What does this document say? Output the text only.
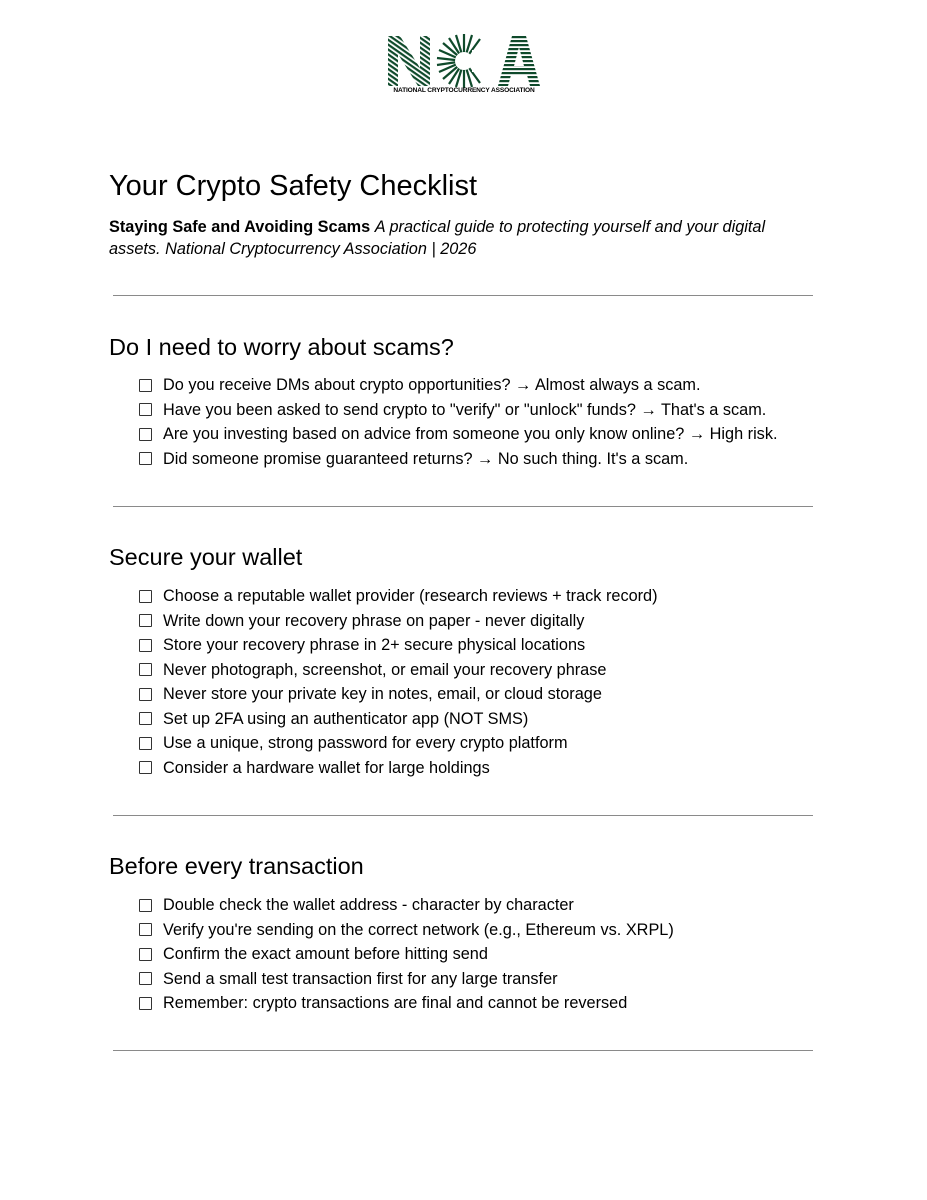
NATIONAL CRYPTOCURRENCY ASSOCIATION
Your Crypto Safety Checklist

Staying Safe and Avoiding Scams A practical guide to protecting yourself and your digital assets. National Cryptocurrency Association | 2026

Do I need to worry about scams?
Do you receive DMs about crypto opportunities? → Almost always a scam.
Have you been asked to send crypto to "verify" or "unlock" funds? → That's a scam.
Are you investing based on advice from someone you only know online? → High risk.
Did someone promise guaranteed returns? → No such thing. It's a scam.
Secure your wallet
Choose a reputable wallet provider (research reviews + track record)
Write down your recovery phrase on paper - never digitally
Store your recovery phrase in 2+ secure physical locations
Never photograph, screenshot, or email your recovery phrase
Never store your private key in notes, email, or cloud storage
Set up 2FA using an authenticator app (NOT SMS)
Use a unique, strong password for every crypto platform
Consider a hardware wallet for large holdings
Before every transaction
Double check the wallet address - character by character
Verify you're sending on the correct network (e.g., Ethereum vs. XRPL)
Confirm the exact amount before hitting send
Send a small test transaction first for any large transfer
Remember: crypto transactions are final and cannot be reversed
